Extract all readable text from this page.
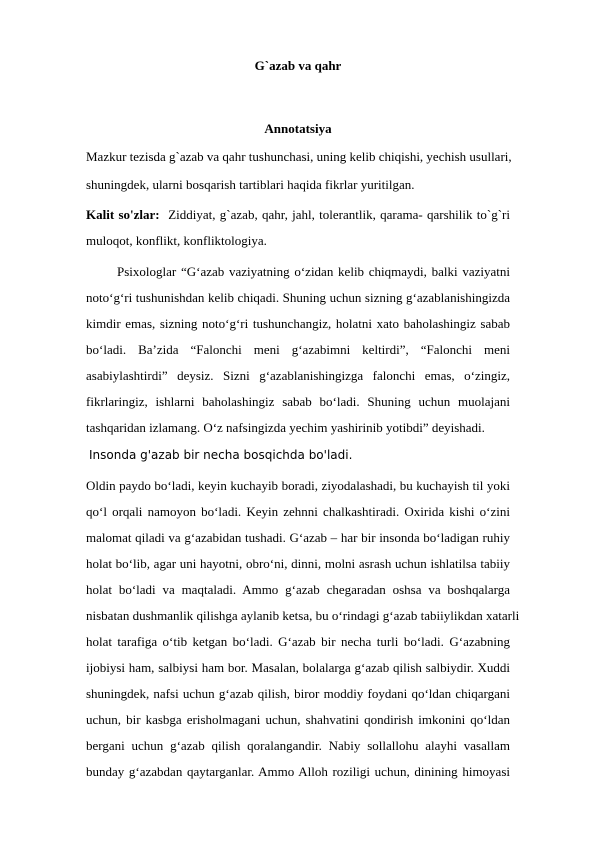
G`azab va qahr
Annotatsiya

Mazkur tezisda g`azab va qahr tushunchasi, uning kelib chiqishi, yechish usullari,

shuningdek, ularni bosqarish tartiblari haqida fikrlar yuritilgan.

Kalit so'zlar: Ziddiyat, g`azab, qahr, jahl, tolerantlik, qarama- qarshilik to`g`ri

muloqot, konflikt, konfliktologiya.

Psixologlar “G‘azab vaziyatning o‘zidan kelib chiqmaydi, balki vaziyatni

noto‘g‘ri tushunishdan kelib chiqadi. Shuning uchun sizning g‘azablanishingizda

kimdir emas, sizning noto‘g‘ri tushunchangiz, holatni xato baholashingiz sabab

bo‘ladi. Ba’zida “Falonchi meni g‘azabimni keltirdi”, “Falonchi meni

asabiylashtirdi” deysiz. Sizni g‘azablanishingizga falonchi emas, o‘zingiz,

fikrlaringiz, ishlarni baholashingiz sabab bo‘ladi. Shuning uchun muolajani

tashqaridan izlamang. O‘z nafsingizda yechim yashirinib yotibdi” deyishadi.

Insonda g'azab bir necha bosqichda bo'ladi.

Oldin paydo bo‘ladi, keyin kuchayib boradi, ziyodalashadi, bu kuchayish til yoki

qo‘l orqali namoyon bo‘ladi. Keyin zehnni chalkashtiradi. Oxirida kishi o‘zini

malomat qiladi va g‘azabidan tushadi. G‘azab – har bir insonda bo‘ladigan ruhiy

holat bo‘lib, agar uni hayotni, obro‘ni, dinni, molni asrash uchun ishlatilsa tabiiy

holat bo‘ladi va maqtaladi. Ammo g‘azab chegaradan oshsa va boshqalarga

nisbatan dushmanlik qilishga aylanib ketsa, bu o‘rindagi g‘azab tabiiylikdan xatarli

holat tarafiga o‘tib ketgan bo‘ladi. G‘azab bir necha turli bo‘ladi. G‘azabning

ijobiysi ham, salbiysi ham bor. Masalan, bolalarga g‘azab qilish salbiydir. Xuddi

shuningdek, nafsi uchun g‘azab qilish, biror moddiy foydani qo‘ldan chiqargani

uchun, bir kasbga erisholmagani uchun, shahvatini qondirish imkonini qo‘ldan

bergani uchun g‘azab qilish qoralangandir. Nabiy sollallohu alayhi vasallam

bunday g‘azabdan qaytarganlar. Ammo Alloh roziligi uchun, dinining himoyasi
